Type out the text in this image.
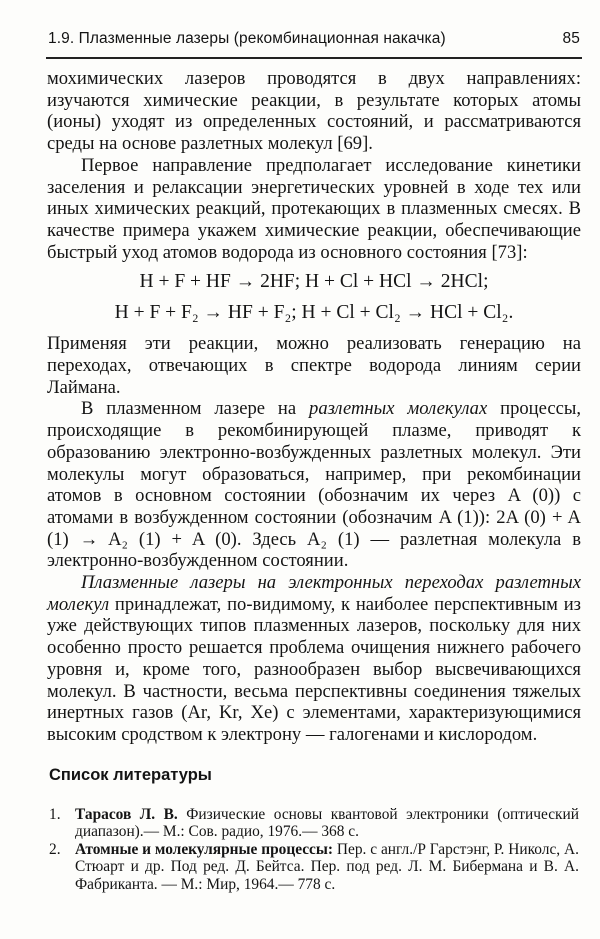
1.9. Плазменные лазеры (рекомбинационная накачка)	85

мохимических лазеров проводятся в двух направлениях: изучаются химические реакции, в результате которых атомы (ионы) уходят из определенных состояний, и рассматриваются среды на основе разлетных молекул [69].

Первое направление предполагает исследование кинетики заселения и релаксации энергетических уровней в ходе тех или иных химических реакций, протекающих в плазменных смесях. В качестве примера укажем химические реакции, обеспечивающие быстрый уход атомов водорода из основного состояния [73]:

H + F + HF → 2HF; H + Cl + HCl → 2HCl;
H + F + F₂ → HF + F₂; H + Cl + Cl₂ → HCl + Cl₂.

Применяя эти реакции, можно реализовать генерацию на переходах, отвечающих в спектре водорода линиям серии Лаймана.

В плазменном лазере на разлетных молекулах процессы, происходящие в рекомбинирующей плазме, приводят к образованию электронно-возбужденных разлетных молекул. Эти молекулы могут образоваться, например, при рекомбинации атомов в основном состоянии (обозначим их через A (0)) с атомами в возбужденном состоянии (обозначим A (1)): 2A (0) + A (1) → A₂ (1) + A (0). Здесь A₂ (1) — разлетная молекула в электронно-возбужденном состоянии.

Плазменные лазеры на электронных переходах разлетных молекул принадлежат, по-видимому, к наиболее перспективным из уже действующих типов плазменных лазеров, поскольку для них особенно просто решается проблема очищения нижнего рабочего уровня и, кроме того, разнообразен выбор высвечивающихся молекул. В частности, весьма перспективны соединения тяжелых инертных газов (Ar, Kr, Xe) с элементами, характеризующимися высоким сродством к электрону — галогенами и кислородом.

Список литературы
1. Тарасов Л. В. Физические основы квантовой электроники (оптический диапазон).— М.: Сов. радио, 1976.— 368 с.
2. Атомные и молекулярные процессы: Пер. с англ./Р Гарстэнг, Р. Николс, А. Стюарт и др. Под ред. Д. Бейтса. Пер. под ред. Л. М. Бибермана и В. А. Фабриканта. — М.: Мир, 1964.— 778 с.
